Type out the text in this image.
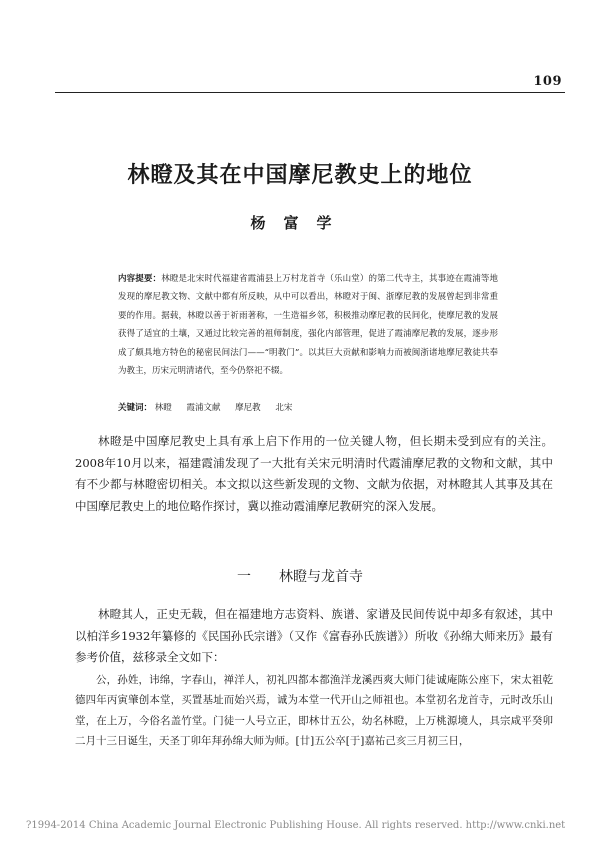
109
林瞪及其在中国摩尼教史上的地位
杨富学
内容提要：林瞪是北宋时代福建省霞浦县上万村龙首寺（乐山堂）的第二代寺主，其事迹在霞浦等地发现的摩尼教文物、文献中都有所反映，从中可以看出，林瞪对于闽、浙摩尼教的发展曾起到非常重要的作用。据载，林瞪以善于祈雨著称，一生造福乡邻，积极推动摩尼教的民间化，使摩尼教的发展获得了适宜的土壤，又通过比较完善的祖师制度，强化内部管理，促进了霞浦摩尼教的发展，逐步形成了颇具地方特色的秘密民间法门——“明教门”。以其巨大贡献和影响力而被闽浙诸地摩尼教徒共奉为教主，历宋元明清诸代，至今仍祭祀不辍。
关键词： 林瞪 霞浦文献 摩尼教 北宋

林瞪是中国摩尼教史上具有承上启下作用的一位关键人物，但长期未受到应有的关注。2008年10月以来，福建霞浦发现了一大批有关宋元明清时代霞浦摩尼教的文物和文献，其中有不少都与林瞪密切相关。本文拟以这些新发现的文物、文献为依据，对林瞪其人其事及其在中国摩尼教史上的地位略作探讨，冀以推动霞浦摩尼教研究的深入发展。

一 林瞪与龙首寺

林瞪其人，正史无载，但在福建地方志资料、族谱、家谱及民间传说中却多有叙述，其中以柏洋乡1932年纂修的《民国孙氏宗谱》（又作《富春孙氏族谱》）所收《孙绵大师来历》最有参考价值，兹移录全文如下：

公，孙姓，讳绵，字春山，禅洋人，初礼四都本都渔洋龙溪西爽大师门徒诚庵陈公座下，宋太祖乾德四年丙寅肇创本堂，买置基址而始兴焉，诚为本堂一代开山之师祖也。本堂初名龙首寺，元时改乐山堂，在上万，今俗名盖竹堂。门徒一人号立正，即林廿五公，幼名林瞪，上万桃源境人，具宗咸平癸卯二月十三日诞生，天圣丁卯年拜孙绵大师为师。[廿]五公卒[于]嘉祐己亥三月初三日，

?1994-2014 China Academic Journal Electronic Publishing House. All rights reserved. http://www.cnki.net
